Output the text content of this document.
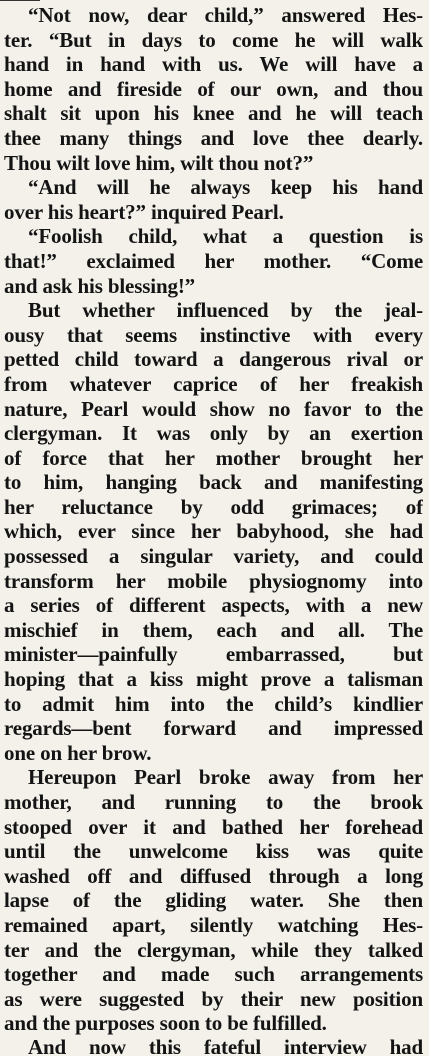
“Not now, dear child,” answered Hes-
ter. “But in days to come he will walk
hand in hand with us. We will have a
home and fireside of our own, and thou
shalt sit upon his knee and he will teach
thee many things and love thee dearly.
Thou wilt love him, wilt thou not?”
“And will he always keep his hand
over his heart?” inquired Pearl.
“Foolish child, what a question is
that!” exclaimed her mother. “Come
and ask his blessing!”
But whether influenced by the jeal-
ousy that seems instinctive with every
petted child toward a dangerous rival or
from whatever caprice of her freakish
nature, Pearl would show no favor to the
clergyman. It was only by an exertion
of force that her mother brought her
to him, hanging back and manifesting
her reluctance by odd grimaces; of
which, ever since her babyhood, she had
possessed a singular variety, and could
transform her mobile physiognomy into
a series of different aspects, with a new
mischief in them, each and all. The
minister—painfully embarrassed, but
hoping that a kiss might prove a talisman
to admit him into the child’s kindlier
regards—bent forward and impressed
one on her brow.
Hereupon Pearl broke away from her
mother, and running to the brook
stooped over it and bathed her forehead
until the unwelcome kiss was quite
washed off and diffused through a long
lapse of the gliding water. She then
remained apart, silently watching Hes-
ter and the clergyman, while they talked
together and made such arrangements
as were suggested by their new position
and the purposes soon to be fulfilled.
And now this fateful interview had
